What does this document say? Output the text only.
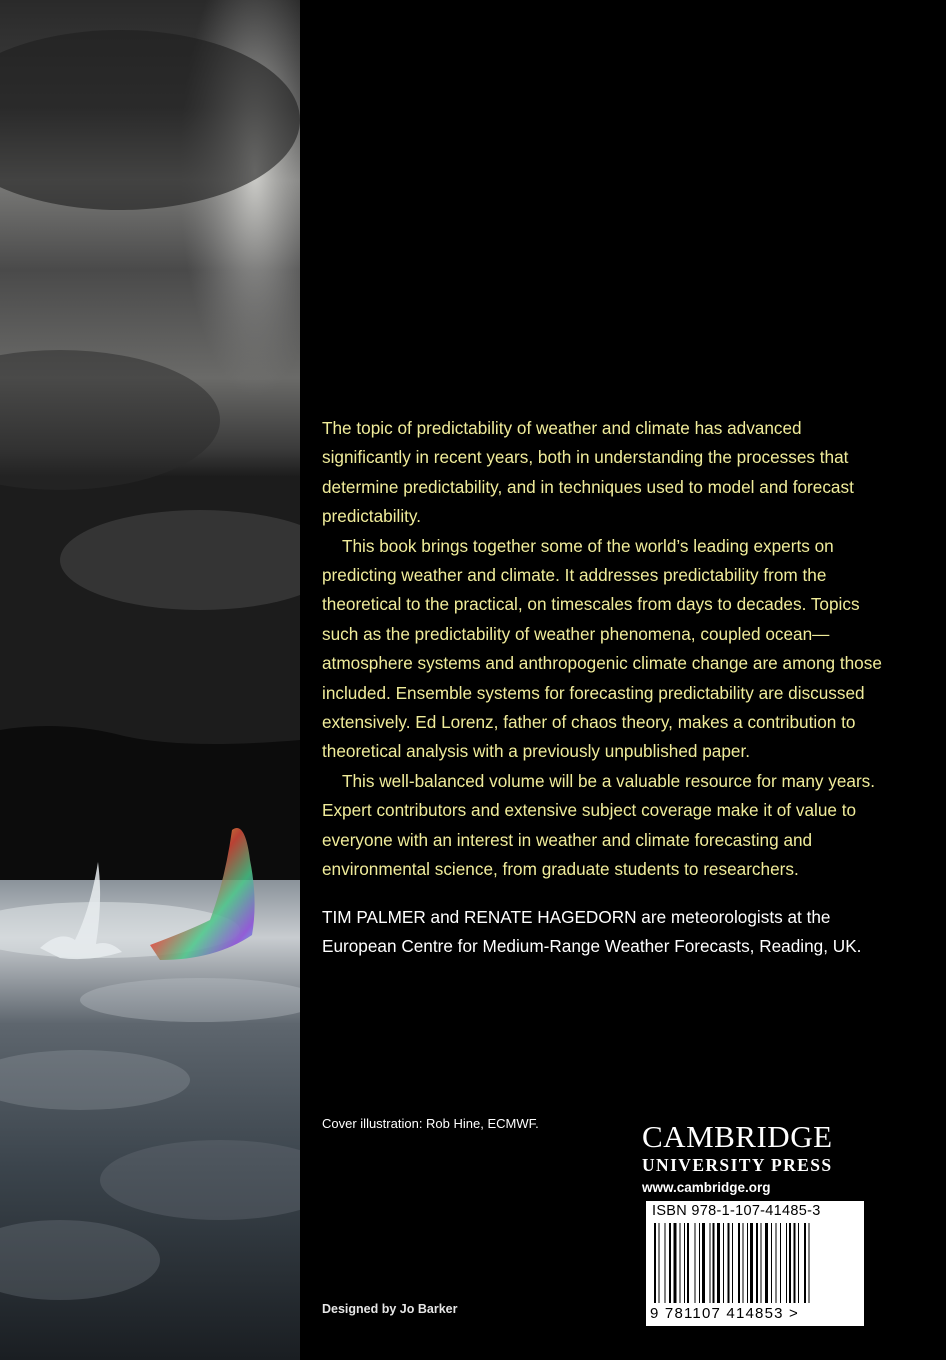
The topic of predictability of weather and climate has advanced significantly in recent years, both in understanding the processes that determine predictability, and in techniques used to model and forecast predictability.

This book brings together some of the world’s leading experts on predicting weather and climate. It addresses predictability from the theoretical to the practical, on timescales from days to decades. Topics such as the predictability of weather phenomena, coupled ocean—atmosphere systems and anthropogenic climate change are among those included. Ensemble systems for forecasting predictability are discussed extensively. Ed Lorenz, father of chaos theory, makes a contribution to theoretical analysis with a previously unpublished paper.

This well-balanced volume will be a valuable resource for many years. Expert contributors and extensive subject coverage make it of value to everyone with an interest in weather and climate forecasting and environmental science, from graduate students to researchers.

TIM PALMER and RENATE HAGEDORN are meteorologists at the European Centre for Medium-Range Weather Forecasts, Reading, UK.
Cover illustration: Rob Hine, ECMWF.
Designed by Jo Barker
CAMBRIDGE
UNIVERSITY PRESS
www.cambridge.org
ISBN 978-1-107-41485-3
9 781107 414853 >
